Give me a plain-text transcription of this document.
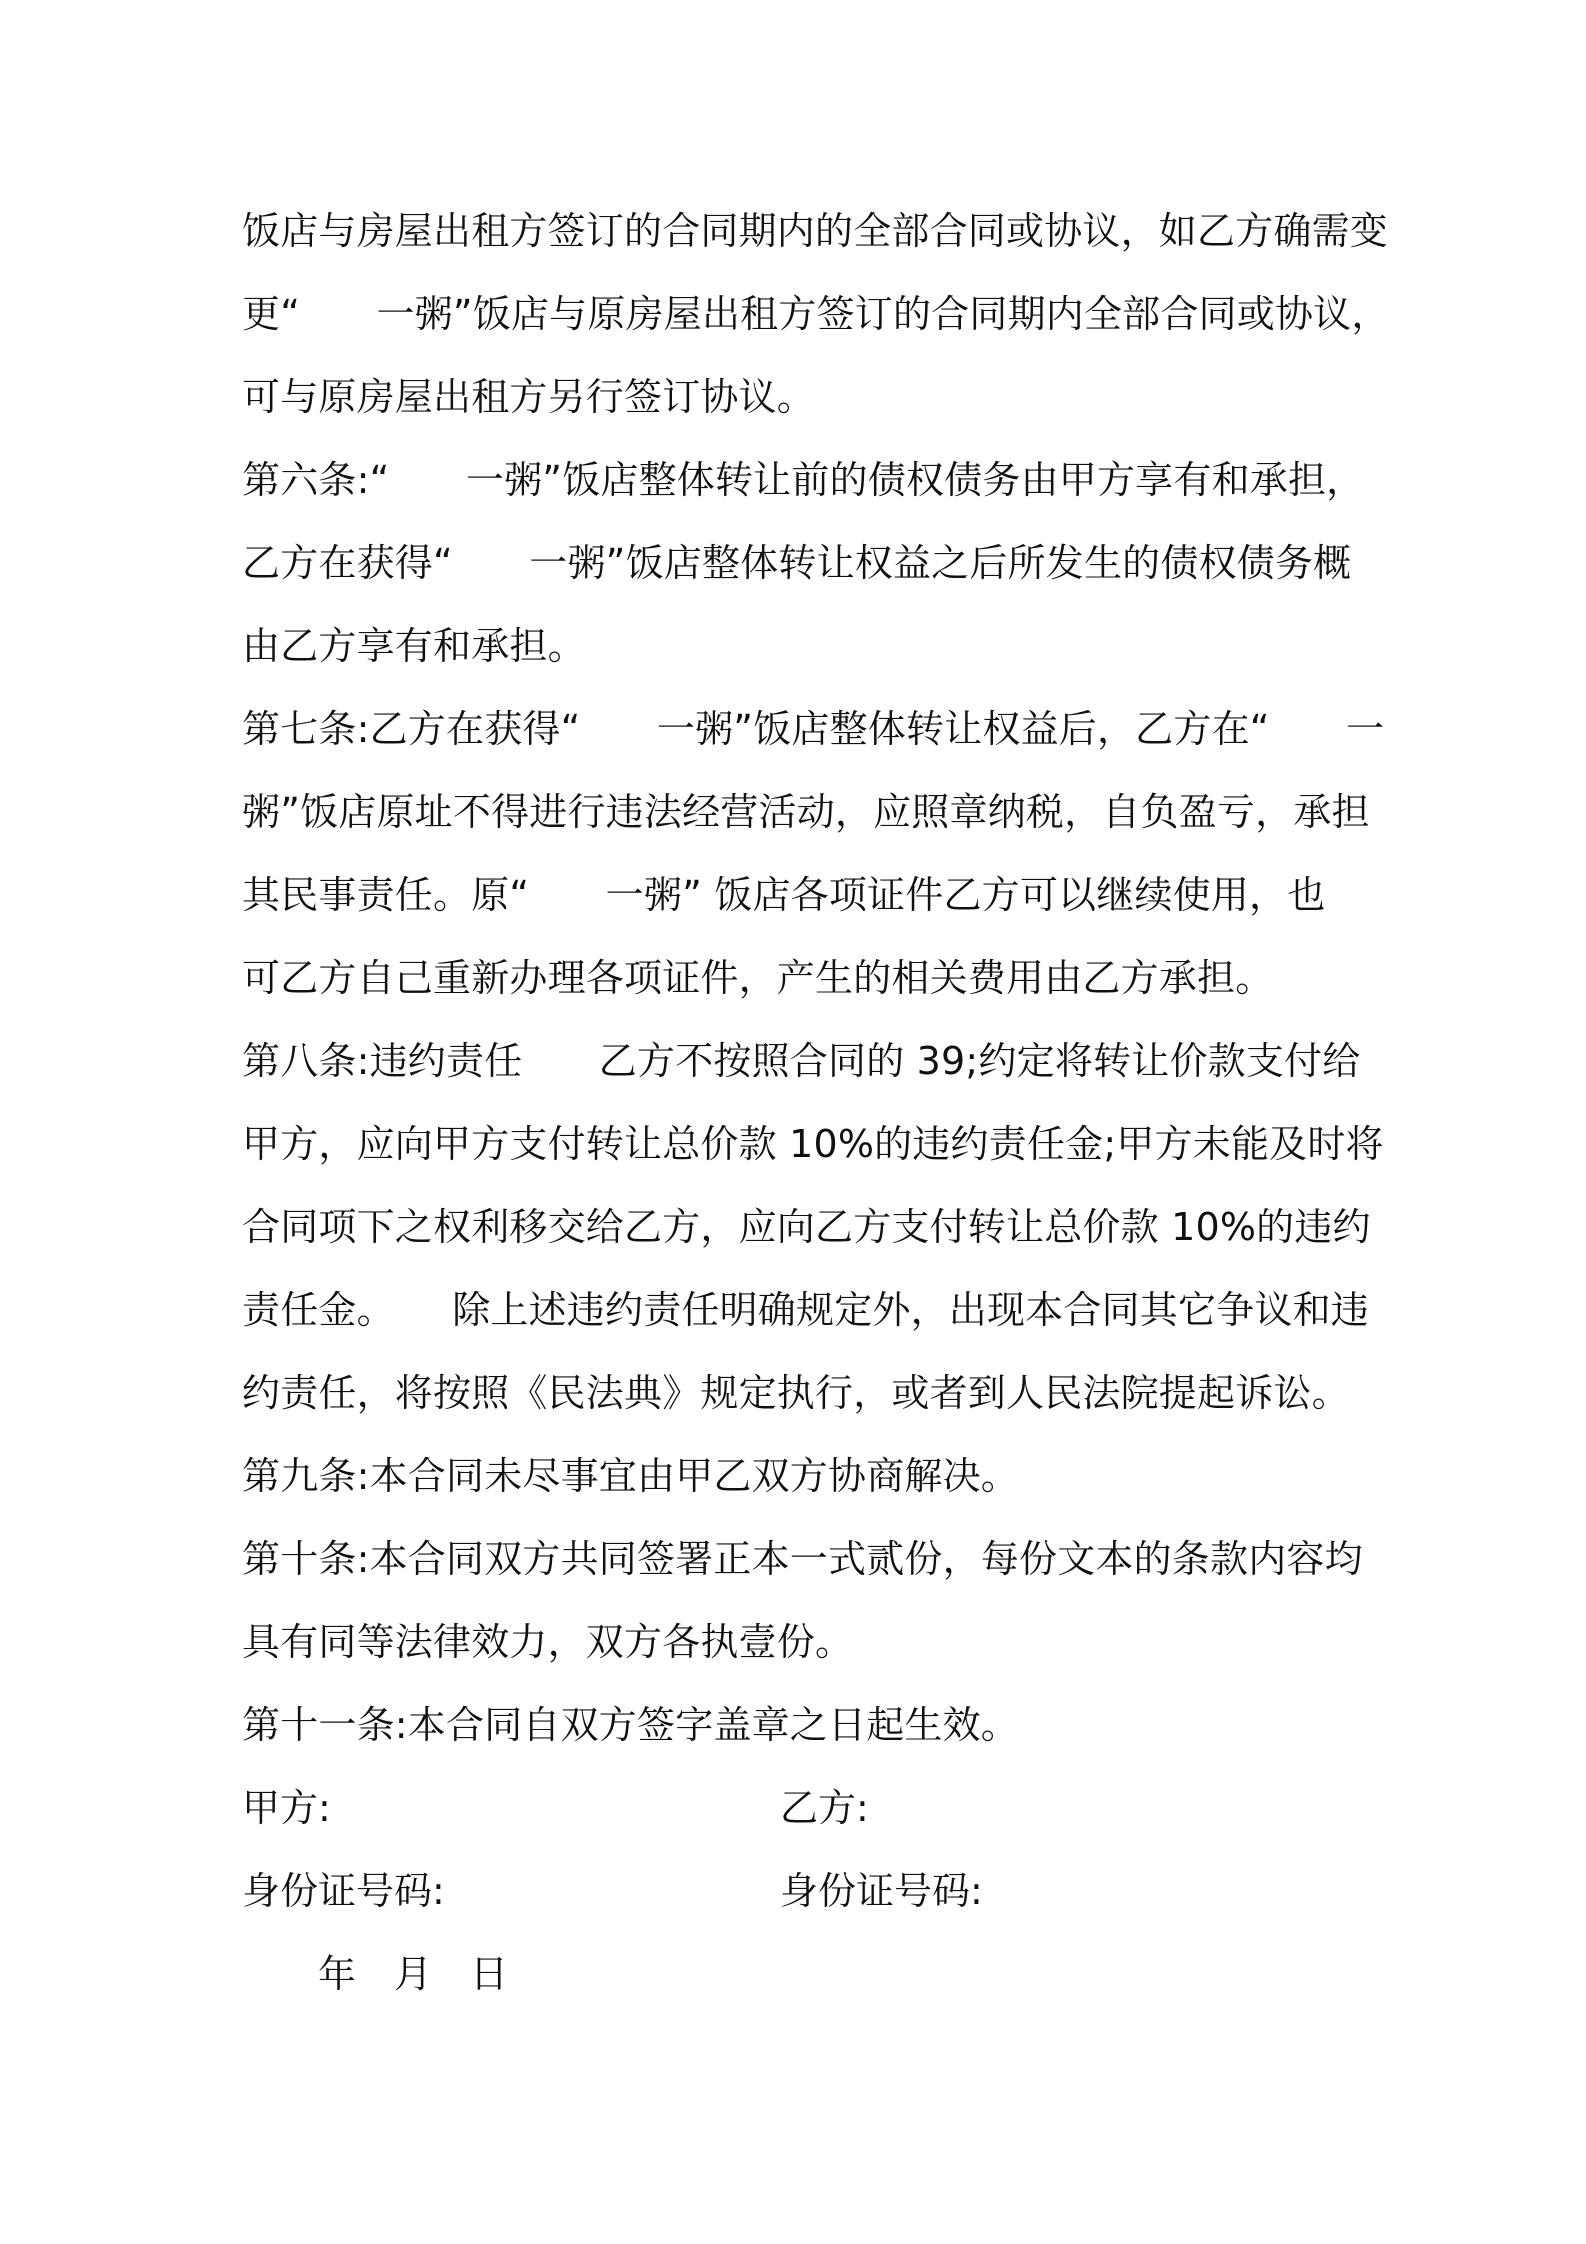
饭店与房屋出租方签订的合同期内的全部合同或协议，如乙方确需变
更“　　一粥”饭店与原房屋出租方签订的合同期内全部合同或协议，
可与原房屋出租方另行签订协议。
第六条:“　　一粥”饭店整体转让前的债权债务由甲方享有和承担，
乙方在获得“　　一粥”饭店整体转让权益之后所发生的债权债务概
由乙方享有和承担。
第七条:乙方在获得“　　一粥”饭店整体转让权益后，乙方在“　　一
粥”饭店原址不得进行违法经营活动，应照章纳税，自负盈亏，承担
其民事责任。原“　　一粥” 饭店各项证件乙方可以继续使用，也
可乙方自己重新办理各项证件，产生的相关费用由乙方承担。
第八条:违约责任　　乙方不按照合同的 39;约定将转让价款支付给
甲方，应向甲方支付转让总价款 10%的违约责任金;甲方未能及时将
合同项下之权利移交给乙方，应向乙方支付转让总价款 10%的违约
责任金。　　除上述违约责任明确规定外，出现本合同其它争议和违
约责任，将按照《民法典》规定执行，或者到人民法院提起诉讼。
第九条:本合同未尽事宜由甲乙双方协商解决。
第十条:本合同双方共同签署正本一式贰份，每份文本的条款内容均
具有同等法律效力，双方各执壹份。
第十一条:本合同自双方签字盖章之日起生效。
甲方:	乙方:
身份证号码:	身份证号码:
年　月　日
